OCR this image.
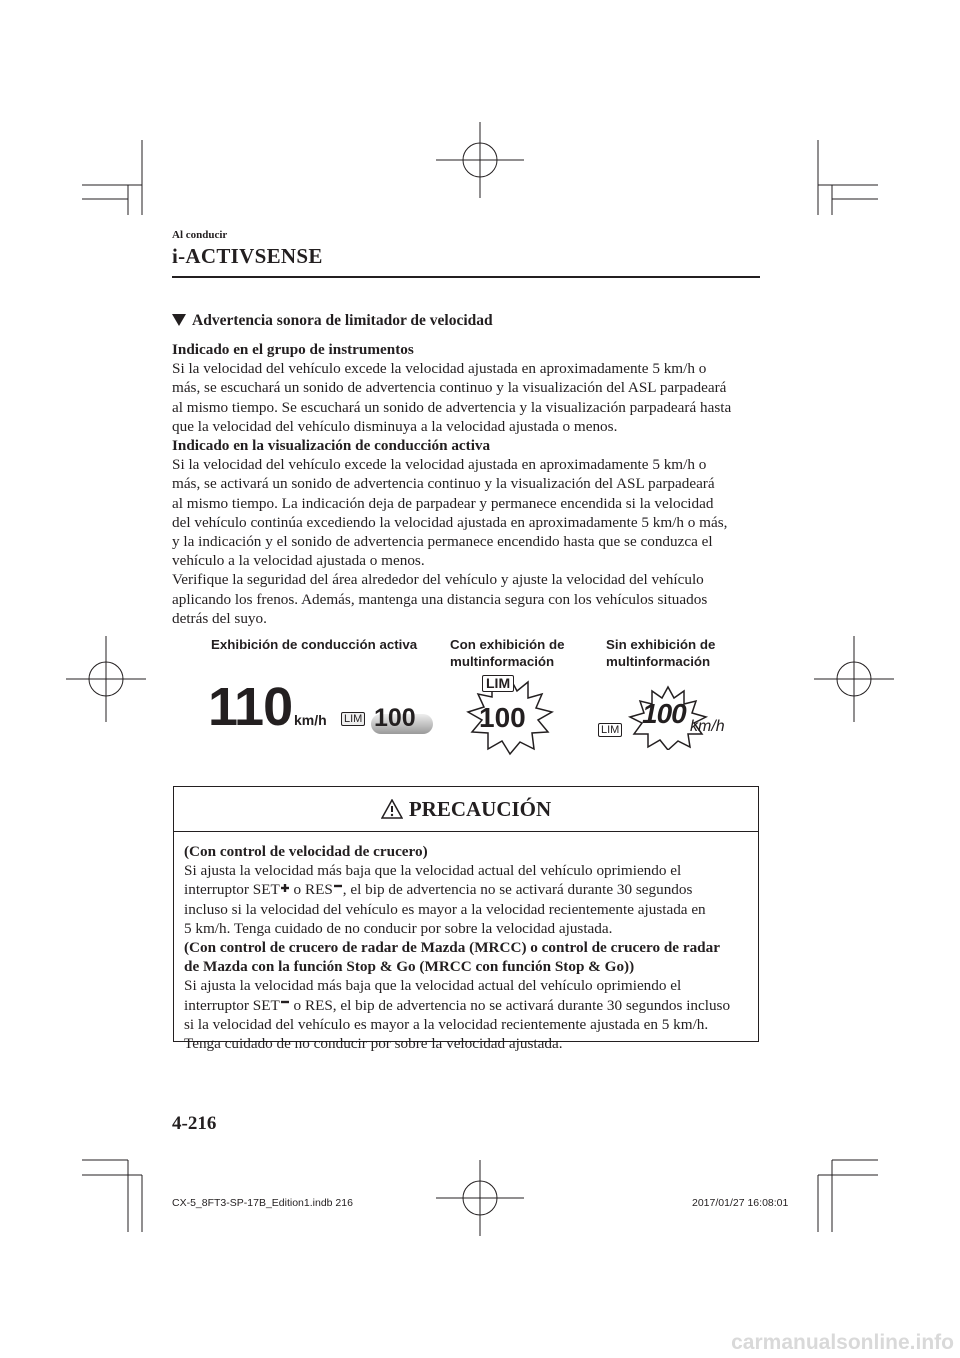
Al conducir
i-ACTIVSENSE
Advertencia sonora de limitador de velocidad

Indicado en el grupo de instrumentos

Si la velocidad del vehículo excede la velocidad ajustada en aproximadamente 5 km/h o

más, se escuchará un sonido de advertencia continuo y la visualización del ASL parpadeará

al mismo tiempo. Se escuchará un sonido de advertencia y la visualización parpadeará hasta

que la velocidad del vehículo disminuya a la velocidad ajustada o menos.

Indicado en la visualización de conducción activa

Si la velocidad del vehículo excede la velocidad ajustada en aproximadamente 5 km/h o

más, se activará un sonido de advertencia continuo y la visualización del ASL parpadeará

al mismo tiempo. La indicación deja de parpadear y permanece encendida si la velocidad

del vehículo continúa excediendo la velocidad ajustada en aproximadamente 5 km/h o más,

y la indicación y el sonido de advertencia permanece encendido hasta que se conduzca el

vehículo a la velocidad ajustada o menos.

Verifique la seguridad del área alrededor del vehículo y ajuste la velocidad del vehículo

aplicando los frenos. Además, mantenga una distancia segura con los vehículos situados

detrás del suyo.

Exhibición de conducción activa Con exhibición de
multinformación
Sin exhibición de
multinformación
110 km/h LIM 100
LIM
100	LIM
100 km/h
PRECAUCIÓN

(Con control de velocidad de crucero)

Si ajusta la velocidad más baja que la velocidad actual del vehículo oprimiendo el

interruptor SET o RES , el bip de advertencia no se activará durante 30 segundos

incluso si la velocidad del vehículo es mayor a la velocidad recientemente ajustada en

5 km/h. Tenga cuidado de no conducir por sobre la velocidad ajustada.

(Con control de crucero de radar de Mazda (MRCC) o control de crucero de radar

de Mazda con la función Stop & Go (MRCC con función Stop & Go))

Si ajusta la velocidad más baja que la velocidad actual del vehículo oprimiendo el

interruptor SET o RES, el bip de advertencia no se activará durante 30 segundos incluso

si la velocidad del vehículo es mayor a la velocidad recientemente ajustada en 5 km/h.

Tenga cuidado de no conducir por sobre la velocidad ajustada.

4-216
CX-5_8FT3-SP-17B_Edition1.indb 216	2017/01/27 16:08:01
carmanualsonline.info
